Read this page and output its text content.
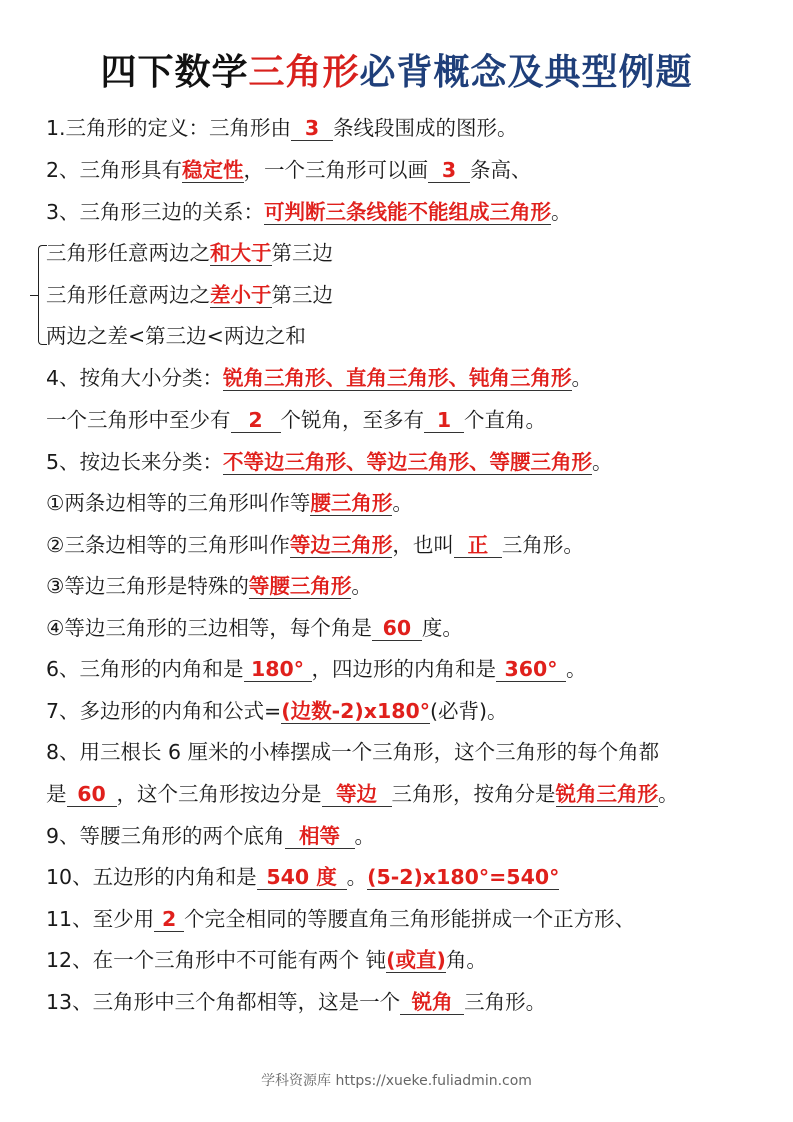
四下数学三角形必背概念及典型例题
1.三角形的定义：三角形由 3 条线段围成的图形。
2、三角形具有稳定性，一个三角形可以画 3 条高、
3、三角形三边的关系：可判断三条线能不能组成三角形。
三角形任意两边之和大于第三边
三角形任意两边之差小于第三边
两边之差<第三边<两边之和
4、按角大小分类：锐角三角形、直角三角形、钝角三角形。
一个三角形中至少有 2 个锐角，至多有 1 个直角。
5、按边长来分类：不等边三角形、等边三角形、等腰三角形。
①两条边相等的三角形叫作等腰三角形。
②三条边相等的三角形叫作等边三角形，也叫 正 三角形。
③等边三角形是特殊的等腰三角形。
④等边三角形的三边相等，每个角是 60 度。
6、三角形的内角和是 180° ，四边形的内角和是 360° 。
7、多边形的内角和公式=(边数-2)x180°(必背)。
8、用三根长 6 厘米的小棒摆成一个三角形，这个三角形的每个角都
是 60 ，这个三角形按边分是 等边 三角形，按角分是锐角三角形。
9、等腰三角形的两个底角 相等 。
10、五边形的内角和是 540 度 。(5-2)x180°=540°
11、至少用 2 个完全相同的等腰直角三角形能拼成一个正方形、
12、在一个三角形中不可能有两个 钝(或直)角。
13、三角形中三个角都相等，这是一个 锐角 三角形。
学科资源库 https://xueke.fuliadmin.com
